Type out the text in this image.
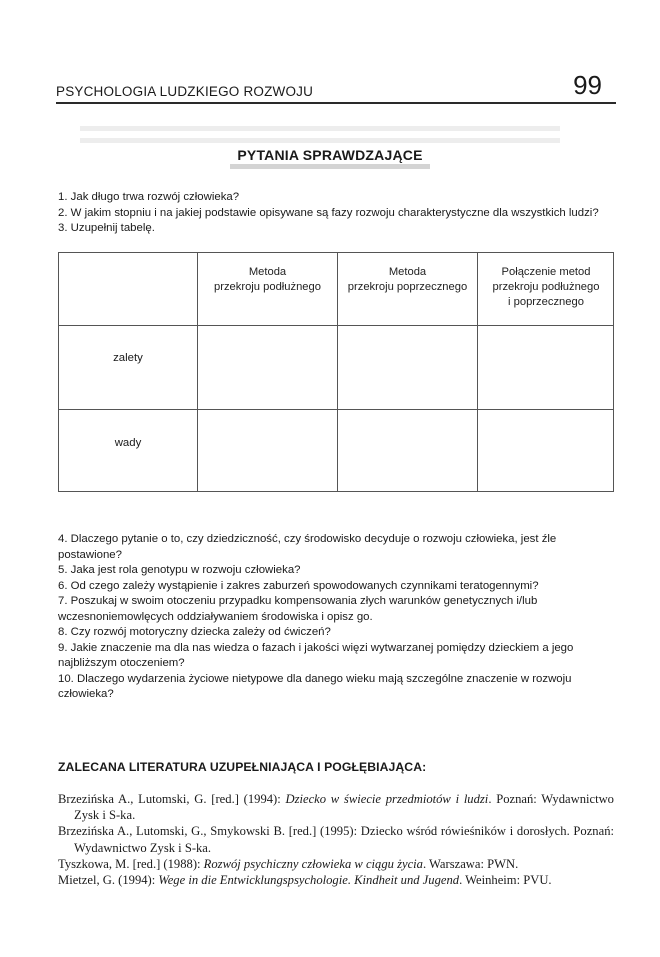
PSYCHOLOGIA LUDZKIEGO ROZWOJU	99
PYTANIA SPRAWDZAJĄCE

1. Jak długo trwa rozwój człowieka?

2. W jakim stopniu i na jakiej podstawie opisywane są fazy rozwoju charakterystyczne dla wszystkich ludzi?

3. Uzupełnij tabelę.

Metoda
przekroju podłużnego
Metoda
przekroju poprzecznego
Połączenie metod
przekroju podłużnego
i poprzecznego
zalety
wady

4. Dlaczego pytanie o to, czy dziedziczność, czy środowisko decyduje o rozwoju człowieka, jest źle postawione?

5. Jaka jest rola genotypu w rozwoju człowieka?

6. Od czego zależy wystąpienie i zakres zaburzeń spowodowanych czynnikami teratogennymi?

7. Poszukaj w swoim otoczeniu przypadku kompensowania złych warunków genetycznych i/lub wczesnoniemowlęcych oddziaływaniem środowiska i opisz go.

8. Czy rozwój motoryczny dziecka zależy od ćwiczeń?

9. Jakie znaczenie ma dla nas wiedza o fazach i jakości więzi wytwarzanej pomiędzy dzieckiem a jego najbliższym otoczeniem?

10. Dlaczego wydarzenia życiowe nietypowe dla danego wieku mają szczególne znaczenie w rozwoju człowieka?

ZALECANA LITERATURA UZUPEŁNIAJĄCA I POGŁĘBIAJĄCA:

Brzezińska A., Lutomski, G. [red.] (1994): Dziecko w świecie przedmiotów i ludzi. Poznań: Wydawnictwo Zysk i S-ka.

Brzezińska A., Lutomski, G., Smykowski B. [red.] (1995): Dziecko wśród rówieśników i dorosłych. Poznań: Wydawnictwo Zysk i S-ka.

Tyszkowa, M. [red.] (1988): Rozwój psychiczny człowieka w ciągu życia. Warszawa: PWN.

Mietzel, G. (1994): Wege in die Entwicklungspsychologie. Kindheit und Jugend. Weinheim: PVU.
